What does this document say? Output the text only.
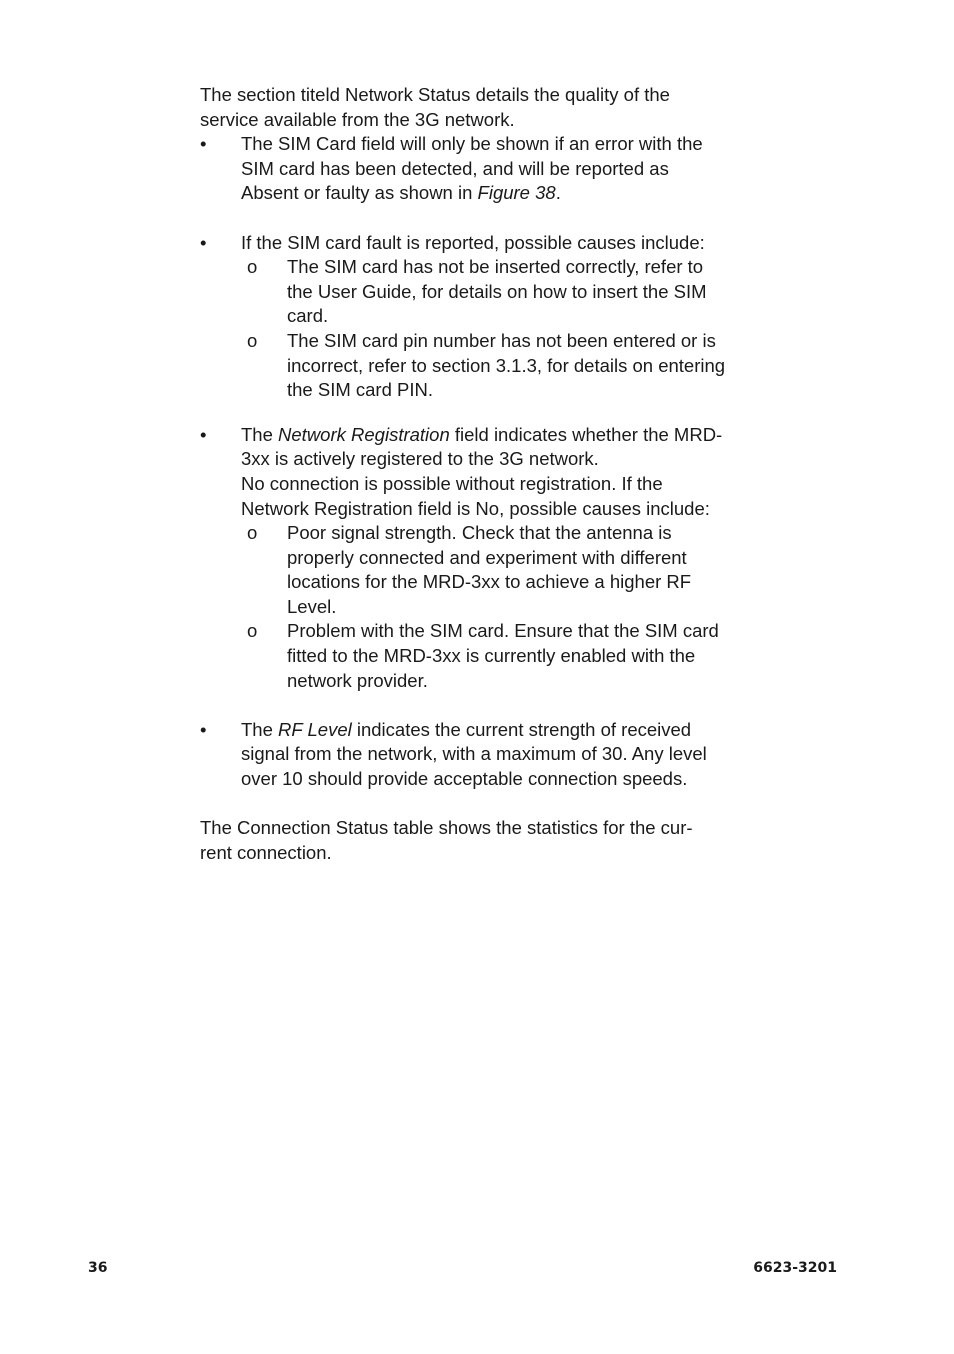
The section titeld Network Status details the quality of the service available from the 3G network.

• The SIM Card field will only be shown if an error with the SIM card has been detected, and will be reported as Absent or faulty as shown in Figure 38.
• If the SIM card fault is reported, possible causes include:
o The SIM card has not be inserted correctly, refer to the User Guide, for details on how to insert the SIM card.
o The SIM card pin number has not been entered or is incorrect, refer to section 3.1.3, for details on entering the SIM card PIN.
• The Network Registration field indicates whether the MRD-3xx is actively registered to the 3G network.
No connection is possible without registration. If the Network Registration field is No, possible causes include:
o Poor signal strength. Check that the antenna is properly connected and experiment with different locations for the MRD-3xx to achieve a higher RF Level.
o Problem with the SIM card. Ensure that the SIM card fitted to the MRD-3xx is currently enabled with the network provider.
• The RF Level indicates the current strength of received signal from the network, with a maximum of 30. Any level over 10 should provide acceptable connection speeds.

The Connection Status table shows the statistics for the cur-
rent connection.

36	6623-3201
